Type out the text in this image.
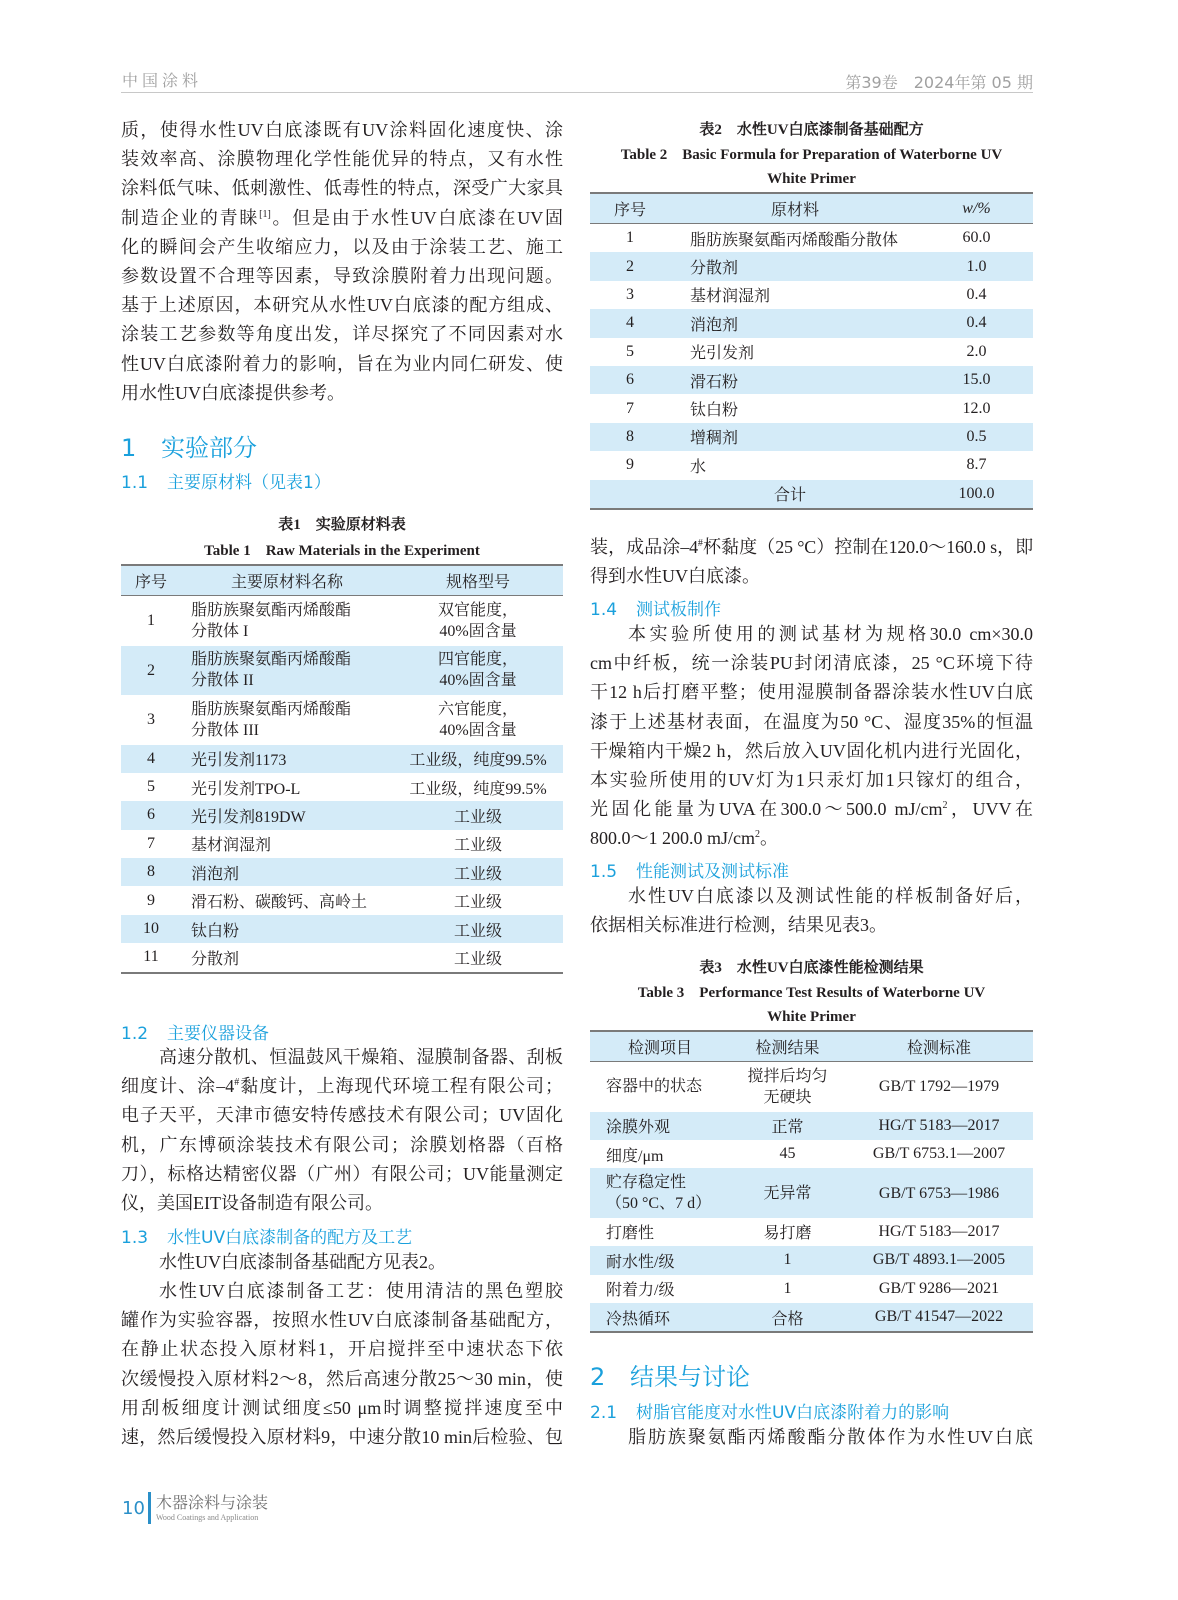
中国涂料	第39卷　2024年第 05 期
质，使得水性UV白底漆既有UV涂料固化速度快、涂
装效率高、涂膜物理化学性能优异的特点，又有水性
涂料低气味、低刺激性、低毒性的特点，深受广大家具
制造企业的青睐[1]。但是由于水性UV白底漆在UV固
化的瞬间会产生收缩应力，以及由于涂装工艺、施工
参数设置不合理等因素，导致涂膜附着力出现问题。
基于上述原因，本研究从水性UV白底漆的配方组成、
涂装工艺参数等角度出发，详尽探究了不同因素对水
性UV白底漆附着力的影响，旨在为业内同仁研发、使
用水性UV白底漆提供参考。
1 实验部分
1.1 主要原材料（见表1）
表1　实验原材料表
Table 1　Raw Materials in the Experiment
序号	主要原材料名称	规格型号
1	脂肪族聚氨酯丙烯酸酯
分散体 I	双官能度，
40%固含量
2	脂肪族聚氨酯丙烯酸酯
分散体 II	四官能度，
40%固含量
3	脂肪族聚氨酯丙烯酸酯
分散体 III	六官能度，
40%固含量
4	光引发剂1173	工业级，纯度99.5%
5	光引发剂TPO-L	工业级，纯度99.5%
6	光引发剂819DW	工业级
7	基材润湿剂	工业级
8	消泡剂	工业级
9	滑石粉、碳酸钙、高岭土	工业级
10	钛白粉	工业级
11	分散剂	工业级
1.2 主要仪器设备
高速分散机、恒温鼓风干燥箱、湿膜制备器、刮板
细度计、涂–4#黏度计，上海现代环境工程有限公司；
电子天平，天津市德安特传感技术有限公司；UV固化
机，广东博硕涂装技术有限公司；涂膜划格器（百格
刀），标格达精密仪器（广州）有限公司；UV能量测定
仪，美国EIT设备制造有限公司。
1.3 水性UV白底漆制备的配方及工艺
水性UV白底漆制备基础配方见表2。
水性UV白底漆制备工艺：使用清洁的黑色塑胶
罐作为实验容器，按照水性UV白底漆制备基础配方，
在静止状态投入原材料1，开启搅拌至中速状态下依
次缓慢投入原材料2～8，然后高速分散25～30 min，使
用刮板细度计测试细度≤50 μm时调整搅拌速度至中
速，然后缓慢投入原材料9，中速分散10 min后检验、包
表2　水性UV白底漆制备基础配方
Table 2　Basic Formula for Preparation of Waterborne UV
White Primer
序号	原材料	w/%
1	脂肪族聚氨酯丙烯酸酯分散体	60.0
2	分散剂	1.0
3	基材润湿剂	0.4
4	消泡剂	0.4
5	光引发剂	2.0
6	滑石粉	15.0
7	钛白粉	12.0
8	增稠剂	0.5
9	水	8.7
合计		100.0
装，成品涂–4#杯黏度（25 °C）控制在120.0～160.0 s，即
得到水性UV白底漆。
1.4 测试板制作
本实验所使用的测试基材为规格30.0 cm×30.0
cm中纤板，统一涂装PU封闭清底漆，25 °C环境下待
干12 h后打磨平整；使用湿膜制备器涂装水性UV白底
漆于上述基材表面，在温度为50 °C、湿度35%的恒温
干燥箱内干燥2 h，然后放入UV固化机内进行光固化，
本实验所使用的UV灯为1只汞灯加1只镓灯的组合，
光固化能量为UVA在300.0～500.0 $mJ/cm^2$，UVV在
800.0～1 200.0 $mJ/cm^2$。
1.5 性能测试及测试标准
水性UV白底漆以及测试性能的样板制备好后，
依据相关标准进行检测，结果见表3。
表3　水性UV白底漆性能检测结果
Table 3　Performance Test Results of Waterborne UV
White Primer
检测项目	检测结果	检测标准
容器中的状态	搅拌后均匀
无硬块	GB/T 1792—1979
涂膜外观	正常	HG/T 5183—2017
细度/μm	45	GB/T 6753.1—2007
贮存稳定性
（50 °C、7 d）	无异常	GB/T 6753—1986
打磨性	易打磨	HG/T 5183—2017
耐水性/级	1	GB/T 4893.1—2005
附着力/级	1	GB/T 9286—2021
冷热循环	合格	GB/T 41547—2022
2 结果与讨论
2.1 树脂官能度对水性UV白底漆附着力的影响
脂肪族聚氨酯丙烯酸酯分散体作为水性UV白底
10 木器涂料与涂装
Wood Coatings and Application
